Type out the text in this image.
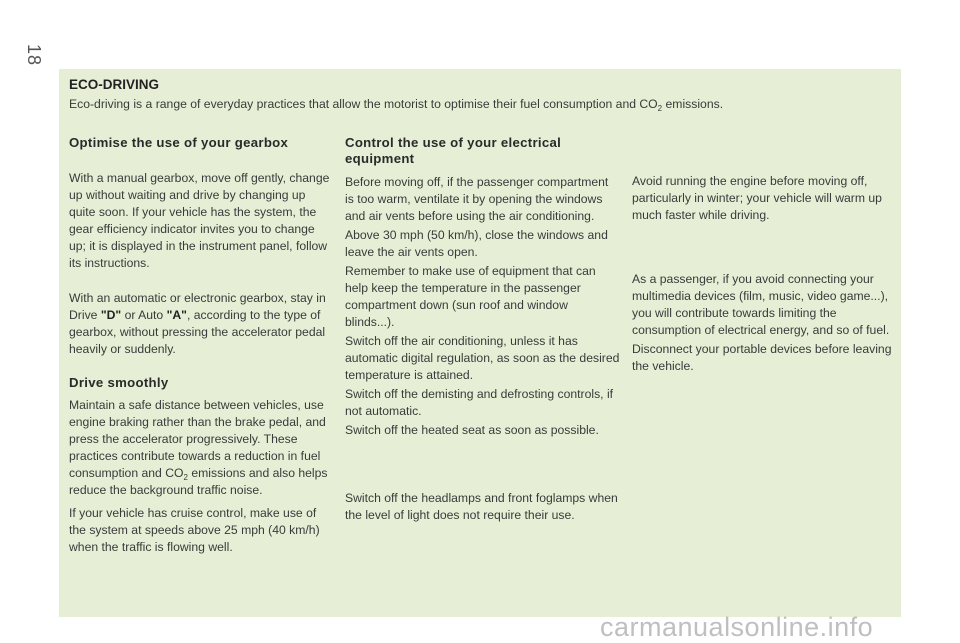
18
ECO-DRIVING
Eco-driving is a range of everyday practices that allow the motorist to optimise their fuel consumption and $CO_2$ emissions.
Optimise the use of your gearbox

With a manual gearbox, move off gently, change up without waiting and drive by changing up quite soon. If your vehicle has the system, the gear efficiency indicator invites you to change up; it is displayed in the instrument panel, follow its instructions.

With an automatic or electronic gearbox, stay in Drive "D" or Auto "A", according to the type of gearbox, without pressing the accelerator pedal heavily or suddenly.

Drive smoothly

Maintain a safe distance between vehicles, use engine braking rather than the brake pedal, and press the accelerator progressively. These practices contribute towards a reduction in fuel consumption and $CO_2$ emissions and also helps reduce the background traffic noise.

If your vehicle has cruise control, make use of the system at speeds above 25 mph (40 km/h) when the traffic is flowing well.

Control the use of your electrical equipment

Before moving off, if the passenger compartment is too warm, ventilate it by opening the windows and air vents before using the air conditioning.

Above 30 mph (50 km/h), close the windows and leave the air vents open.

Remember to make use of equipment that can help keep the temperature in the passenger compartment down (sun roof and window blinds...).

Switch off the air conditioning, unless it has automatic digital regulation, as soon as the desired temperature is attained.

Switch off the demisting and defrosting controls, if not automatic.

Switch off the heated seat as soon as possible.

Switch off the headlamps and front foglamps when the level of light does not require their use.

Avoid running the engine before moving off, particularly in winter; your vehicle will warm up much faster while driving.

As a passenger, if you avoid connecting your multimedia devices (film, music, video game...), you will contribute towards limiting the consumption of electrical energy, and so of fuel.

Disconnect your portable devices before leaving the vehicle.

carmanualsonline.info
